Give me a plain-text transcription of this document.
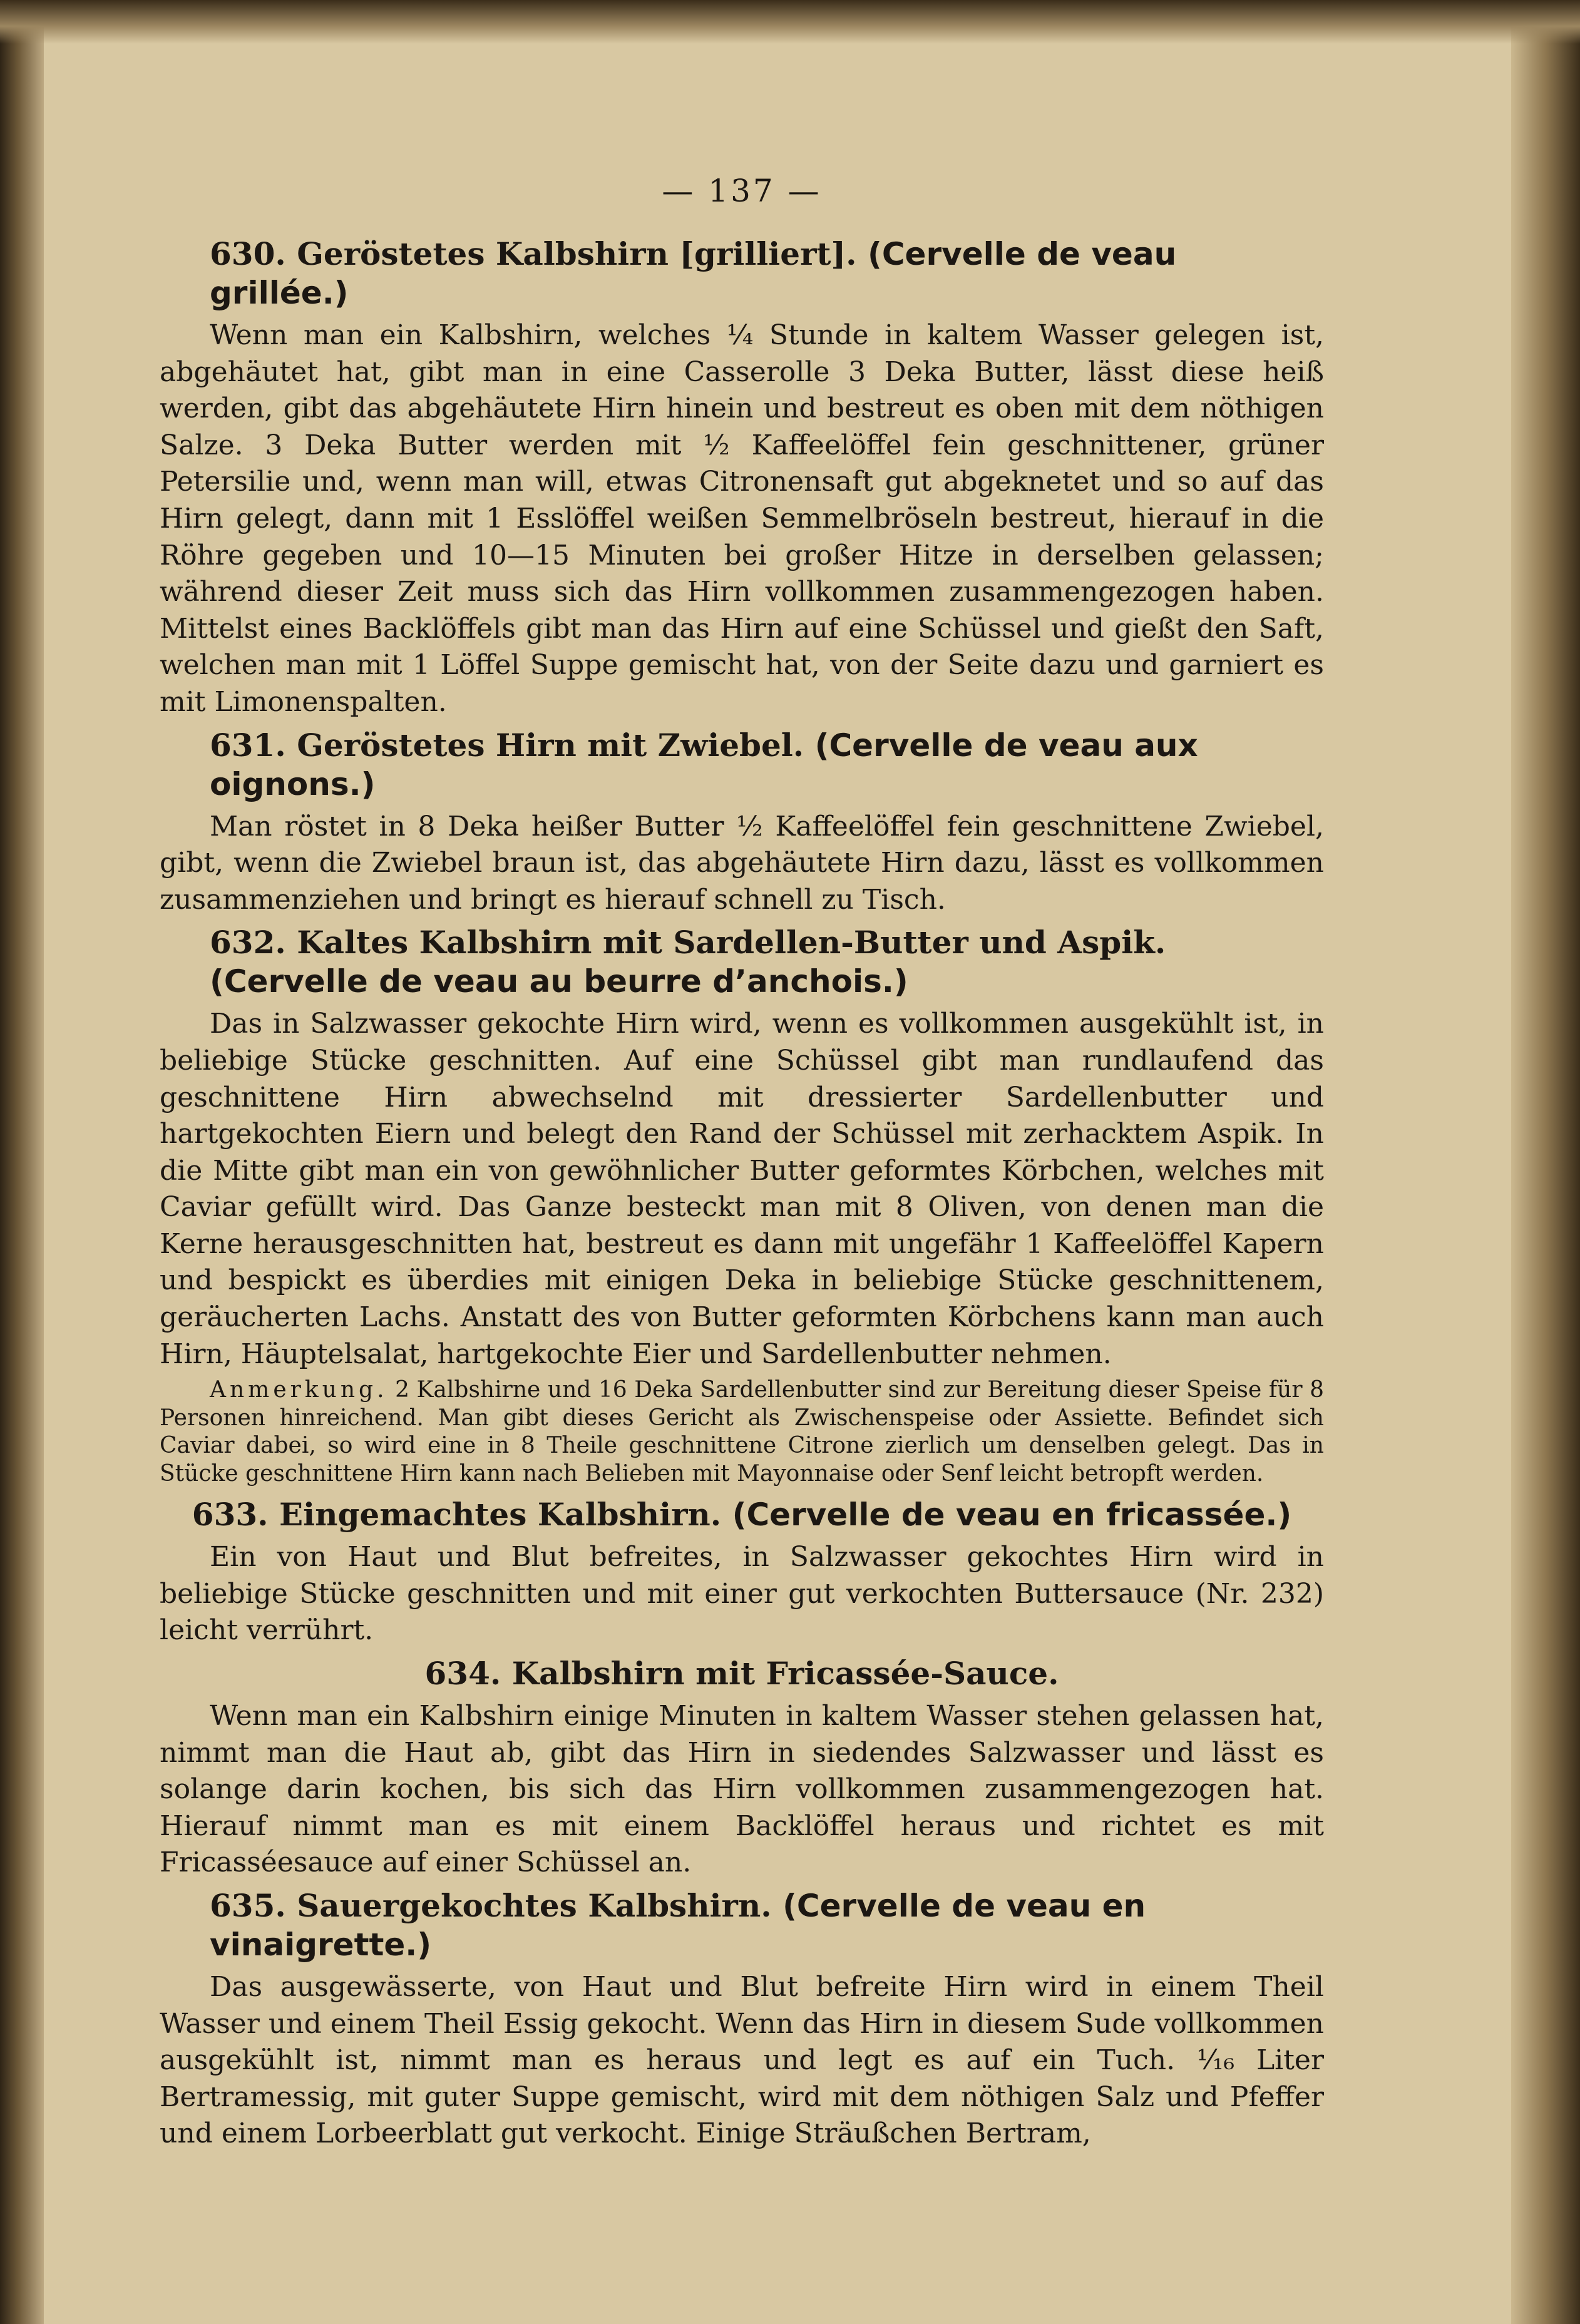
— 137 —
630. Geröstetes Kalbshirn [grilliert]. (Cervelle de veau grillée.)

Wenn man ein Kalbshirn, welches ¼ Stunde in kaltem Wasser gelegen ist, abgehäutet hat, gibt man in eine Casserolle 3 Deka Butter, lässt diese heiß werden, gibt das abgehäutete Hirn hinein und bestreut es oben mit dem nöthigen Salze. 3 Deka Butter werden mit ½ Kaffeelöffel fein geschnittener, grüner Petersilie und, wenn man will, etwas Citronensaft gut abgeknetet und so auf das Hirn gelegt, dann mit 1 Esslöffel weißen Semmelbröseln bestreut, hierauf in die Röhre gegeben und 10—15 Minuten bei großer Hitze in derselben gelassen; während dieser Zeit muss sich das Hirn vollkommen zusammengezogen haben. Mittelst eines Backlöffels gibt man das Hirn auf eine Schüssel und gießt den Saft, welchen man mit 1 Löffel Suppe gemischt hat, von der Seite dazu und garniert es mit Limonenspalten.

631. Geröstetes Hirn mit Zwiebel. (Cervelle de veau aux oignons.)

Man röstet in 8 Deka heißer Butter ½ Kaffeelöffel fein geschnittene Zwiebel, gibt, wenn die Zwiebel braun ist, das abgehäutete Hirn dazu, lässt es vollkommen zusammenziehen und bringt es hierauf schnell zu Tisch.

632. Kaltes Kalbshirn mit Sardellen-Butter und Aspik. (Cervelle de veau au beurre d’anchois.)

Das in Salzwasser gekochte Hirn wird, wenn es vollkommen ausgekühlt ist, in beliebige Stücke geschnitten. Auf eine Schüssel gibt man rundlaufend das geschnittene Hirn abwechselnd mit dressierter Sardellenbutter und hartgekochten Eiern und belegt den Rand der Schüssel mit zerhacktem Aspik. In die Mitte gibt man ein von gewöhnlicher Butter geformtes Körbchen, welches mit Caviar gefüllt wird. Das Ganze besteckt man mit 8 Oliven, von denen man die Kerne herausgeschnitten hat, bestreut es dann mit ungefähr 1 Kaffeelöffel Kapern und bespickt es überdies mit einigen Deka in beliebige Stücke geschnittenem, geräucherten Lachs. Anstatt des von Butter geformten Körbchens kann man auch Hirn, Häuptelsalat, hartgekochte Eier und Sardellenbutter nehmen.

Anmerkung. 2 Kalbshirne und 16 Deka Sardellenbutter sind zur Bereitung dieser Speise für 8 Personen hinreichend. Man gibt dieses Gericht als Zwischenspeise oder Assiette. Befindet sich Caviar dabei, so wird eine in 8 Theile geschnittene Citrone zierlich um denselben gelegt. Das in Stücke geschnittene Hirn kann nach Belieben mit Mayonnaise oder Senf leicht betropft werden.

633. Eingemachtes Kalbshirn. (Cervelle de veau en fricassée.)

Ein von Haut und Blut befreites, in Salzwasser gekochtes Hirn wird in beliebige Stücke geschnitten und mit einer gut verkochten Buttersauce (Nr. 232) leicht verrührt.

634. Kalbshirn mit Fricassée-Sauce.

Wenn man ein Kalbshirn einige Minuten in kaltem Wasser stehen gelassen hat, nimmt man die Haut ab, gibt das Hirn in siedendes Salzwasser und lässt es solange darin kochen, bis sich das Hirn vollkommen zusammengezogen hat. Hierauf nimmt man es mit einem Backlöffel heraus und richtet es mit Fricasséesauce auf einer Schüssel an.

635. Sauergekochtes Kalbshirn. (Cervelle de veau en vinaigrette.)

Das ausgewässerte, von Haut und Blut befreite Hirn wird in einem Theil Wasser und einem Theil Essig gekocht. Wenn das Hirn in diesem Sude vollkommen ausgekühlt ist, nimmt man es heraus und legt es auf ein Tuch. ¹⁄₁₆ Liter Bertramessig, mit guter Suppe gemischt, wird mit dem nöthigen Salz und Pfeffer und einem Lorbeerblatt gut verkocht. Einige Sträußchen Bertram,
